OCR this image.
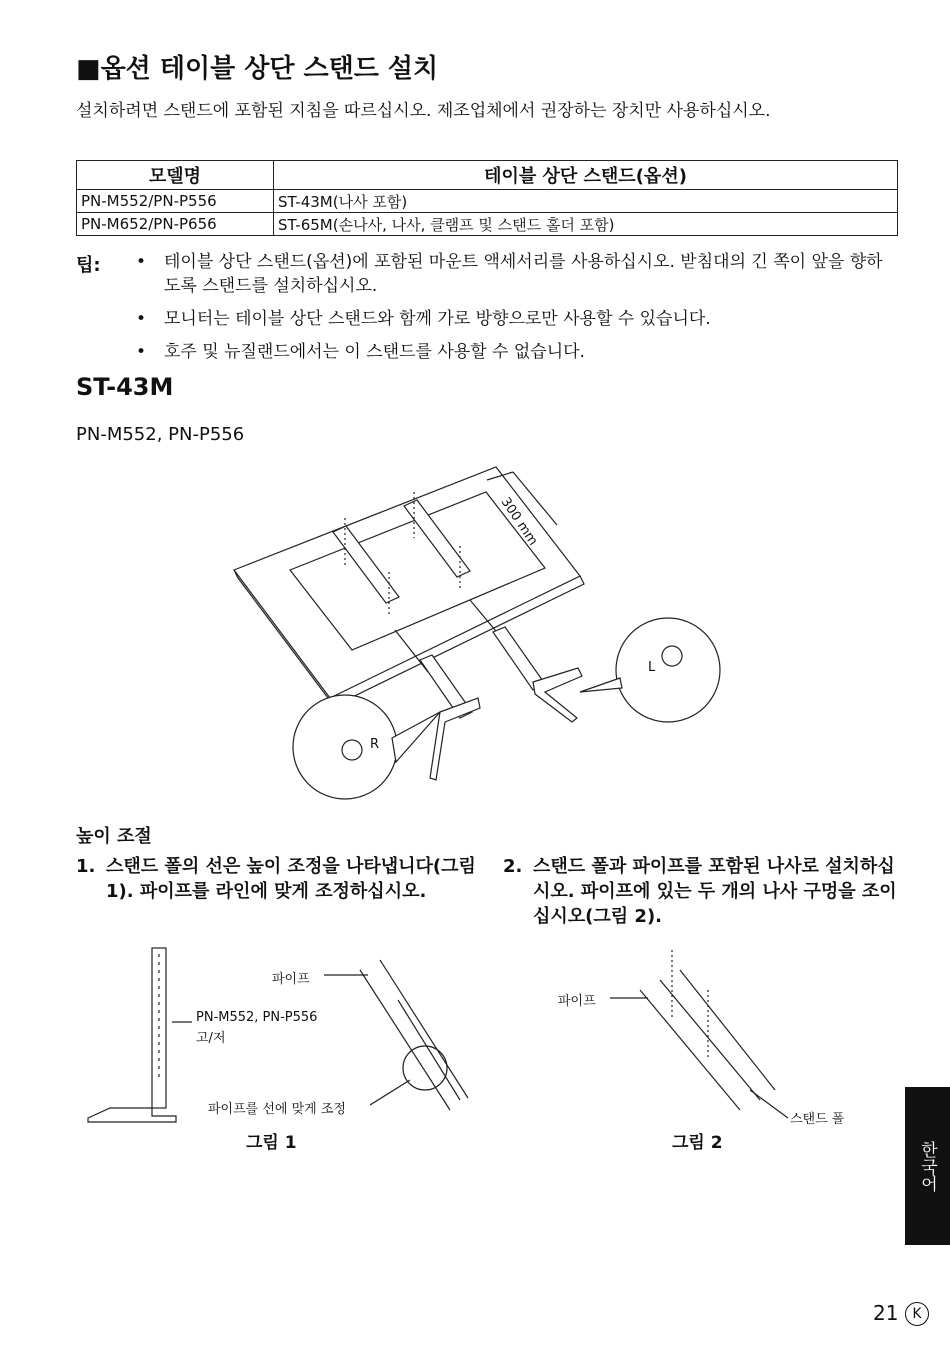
■옵션 테이블 상단 스탠드 설치
설치하려면 스탠드에 포함된 지침을 따르십시오. 제조업체에서 권장하는 장치만 사용하십시오.
모델명	테이블 상단 스탠드(옵션)
PN-M552/PN-P556	ST-43M(나사 포함)
PN-M652/PN-P656	ST-65M(손나사, 나사, 클램프 및 스탠드 홀더 포함)
팁: • 테이블 상단 스탠드(옵션)에 포함된 마운트 액세서리를 사용하십시오. 받침대의 긴 쪽이 앞을 향하도록 스탠드를 설치하십시오.
• 모니터는 테이블 상단 스탠드와 함께 가로 방향으로만 사용할 수 있습니다.
• 호주 및 뉴질랜드에서는 이 스탠드를 사용할 수 없습니다.
ST-43M
PN-M552, PN-P556
300 mm
R
L
높이 조절
1. 스탠드 폴의 선은 높이 조정을 나타냅니다(그림 1). 파이프를 라인에 맞게 조정하십시오.
2. 스탠드 폴과 파이프를 포함된 나사로 설치하십시오. 파이프에 있는 두 개의 나사 구멍을 조이십시오(그림 2).
파이프
PN-M552, PN-P556
고/저
파이프를 선에 맞게 조정
그림 1
파이프
스탠드 폴
그림 2	한국어
21 K
